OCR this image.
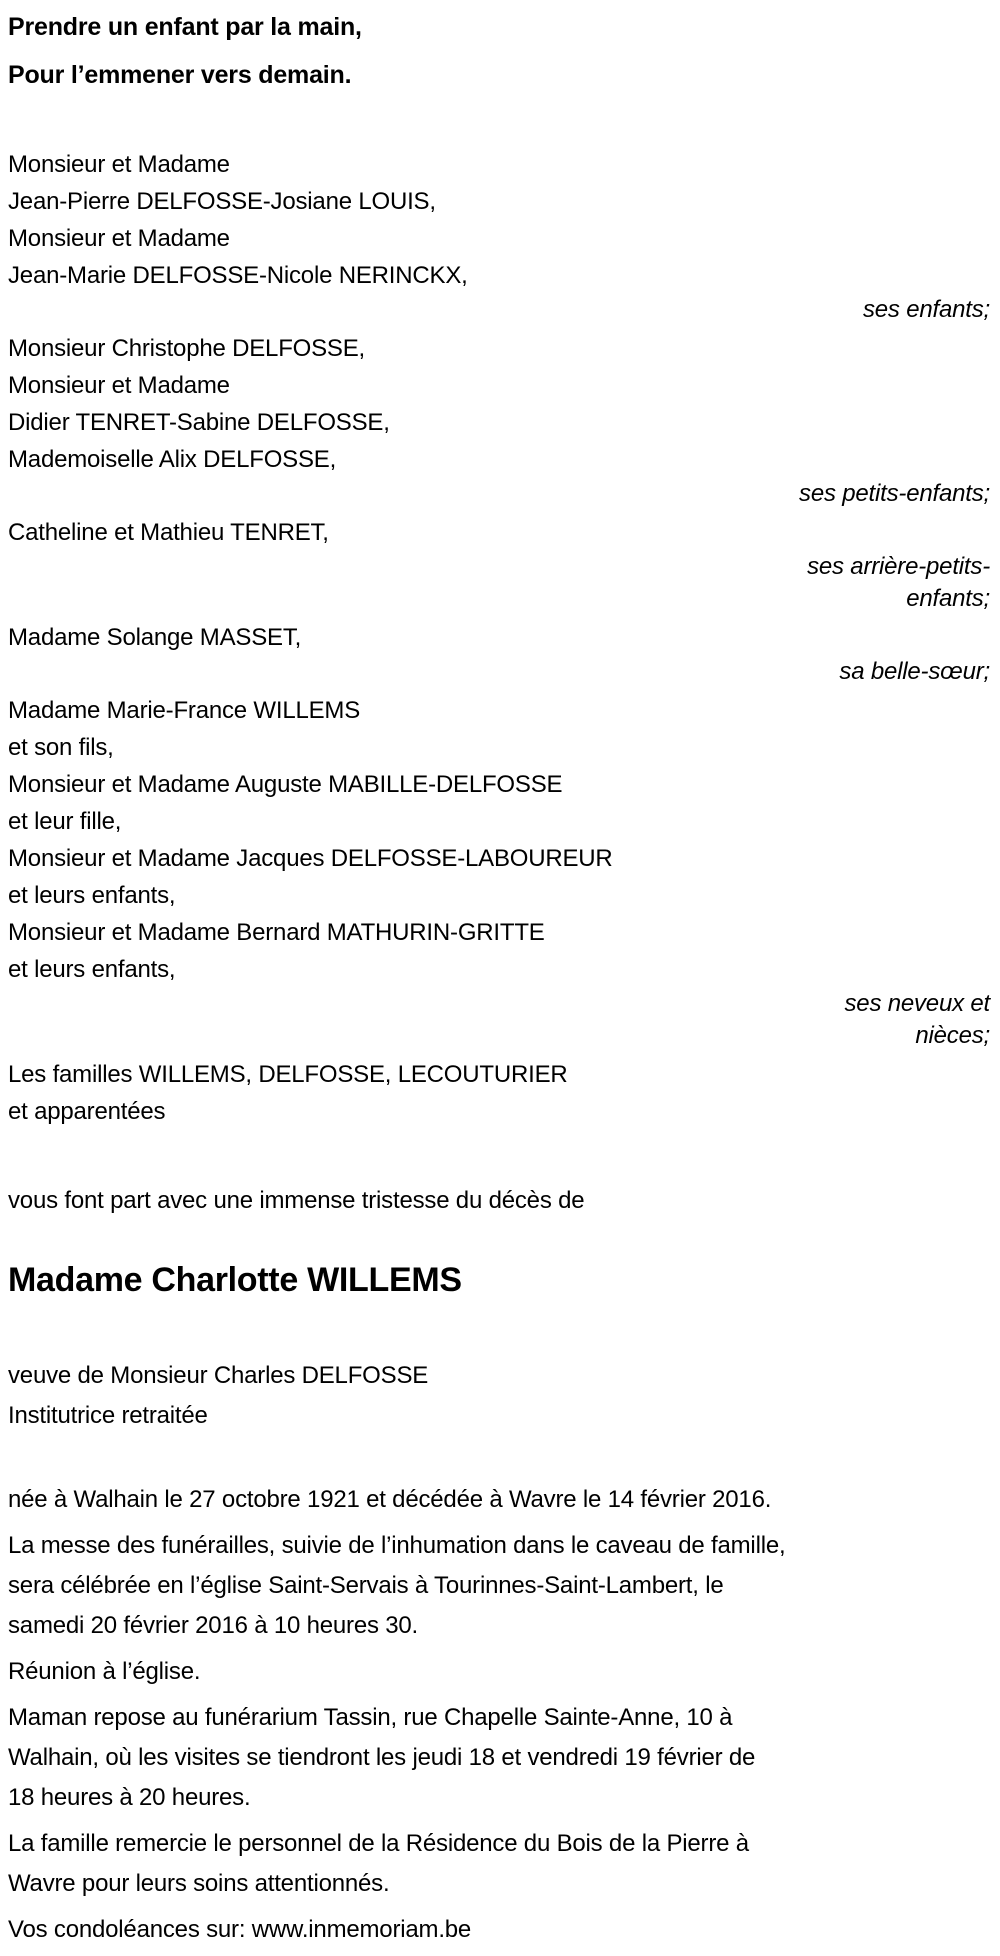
Prendre un enfant par la main,
Pour l’emmener vers demain.
Monsieur et Madame
Jean-Pierre DELFOSSE-Josiane LOUIS,
Monsieur et Madame
Jean-Marie DELFOSSE-Nicole NERINCKX,
ses enfants;
Monsieur Christophe DELFOSSE,
Monsieur et Madame
Didier TENRET-Sabine DELFOSSE,
Mademoiselle Alix DELFOSSE,
ses petits-enfants;
Catheline et Mathieu TENRET,
ses arrière-petits-
enfants;
Madame Solange MASSET,
sa belle-sœur;
Madame Marie-France WILLEMS
et son fils,
Monsieur et Madame Auguste MABILLE-DELFOSSE
et leur fille,
Monsieur et Madame Jacques DELFOSSE-LABOUREUR
et leurs enfants,
Monsieur et Madame Bernard MATHURIN-GRITTE
et leurs enfants,
ses neveux et
nièces;
Les familles WILLEMS, DELFOSSE, LECOUTURIER
et apparentées
vous font part avec une immense tristesse du décès de
Madame Charlotte WILLEMS
veuve de Monsieur Charles DELFOSSE
Institutrice retraitée
née à Walhain le 27 octobre 1921 et décédée à Wavre le 14 février 2016.
La messe des funérailles, suivie de l’inhumation dans le caveau de famille,
sera célébrée en l’église Saint-Servais à Tourinnes-Saint-Lambert, le
samedi 20 février 2016 à 10 heures 30.
Réunion à l’église.
Maman repose au funérarium Tassin, rue Chapelle Sainte-Anne, 10 à
Walhain, où les visites se tiendront les jeudi 18 et vendredi 19 février de
18 heures à 20 heures.
La famille remercie le personnel de la Résidence du Bois de la Pierre à
Wavre pour leurs soins attentionnés.
Vos condoléances sur: www.inmemoriam.be
